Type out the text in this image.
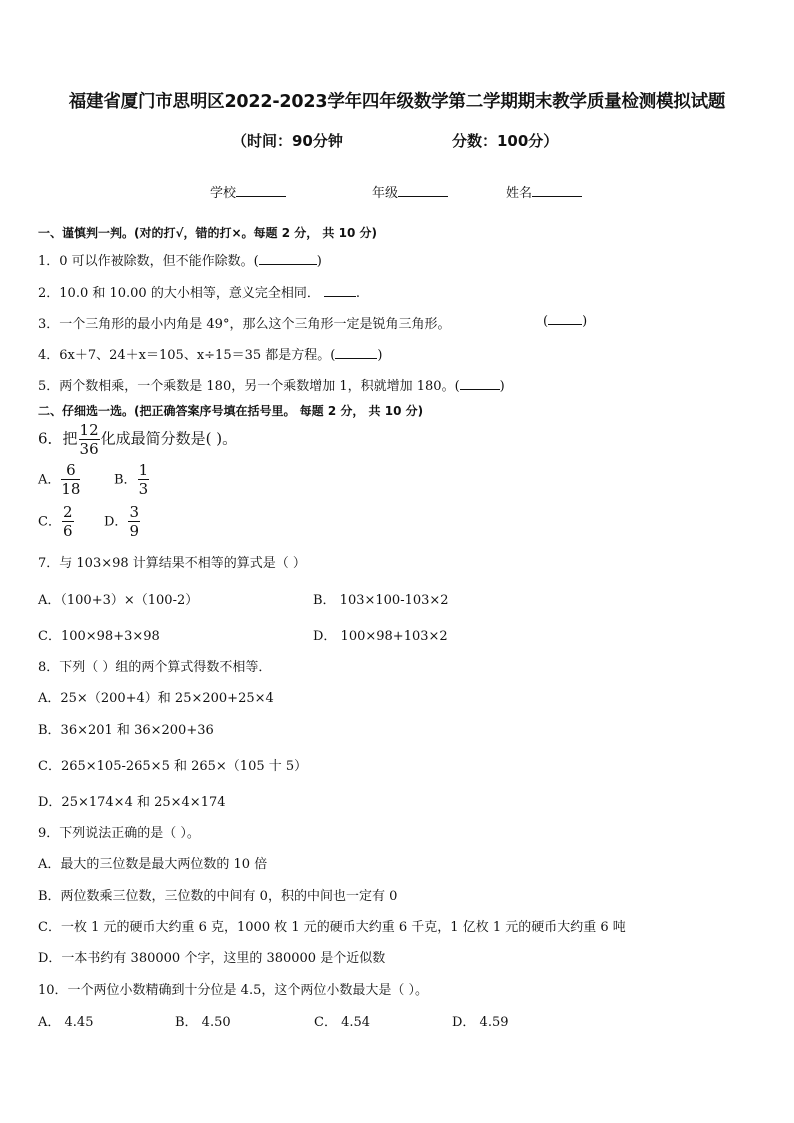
福建省厦门市思明区2022-2023学年四年级数学第二学期期末教学质量检测模拟试题
（时间：90分钟	分数：100分）
学校	年级	姓名
一、谨慎判一判。(对的打√，错的打×。每题 2 分， 共 10 分)
1．0 可以作被除数，但不能作除数。(	)
2．10.0 和 10.00 的大小相等，意义完全相同．	.
3．一个三角形的最小内角是 49°，那么这个三角形一定是锐角三角形。	(	)
4．6x＋7、24＋x＝105、x÷15＝35 都是方程。(	)
5．两个数相乘，一个乘数是 180，另一个乘数增加 1，积就增加 180。(	)
二、仔细选一选。(把正确答案序号填在括号里。 每题 2 分， 共 10 分)
6．把 $\frac{12}{36}$ 化成最简分数是( )。
A． $\frac{6}{18}$	B． $\frac{1}{3}$
C． $\frac{2}{6}$ D． $\frac{3}{9}$
7．与 103×98 计算结果不相等的算式是（ ）
A．（100+3）×（100-2）	B． 103×100-103×2
C．100×98+3×98	D． 100×98+103×2
8．下列（ ）组的两个算式得数不相等．
A．25×（200+4）和 25×200+25×4
B．36×201 和 36×200+36
C．265×105-265×5 和 265×（105 十 5）
D．25×174×4 和 25×4×174
9．下列说法正确的是（ ）。
A．最大的三位数是最大两位数的 10 倍
B．两位数乘三位数，三位数的中间有 0，积的中间也一定有 0
C．一枚 1 元的硬币大约重 6 克，1000 枚 1 元的硬币大约重 6 千克，1 亿枚 1 元的硬币大约重 6 吨
D．一本书约有 380000 个字，这里的 380000 是个近似数
10．一个两位小数精确到十分位是 4.5，这个两位小数最大是（ ）。
A． 4.45	B． 4.50	C． 4.54	D． 4.59
